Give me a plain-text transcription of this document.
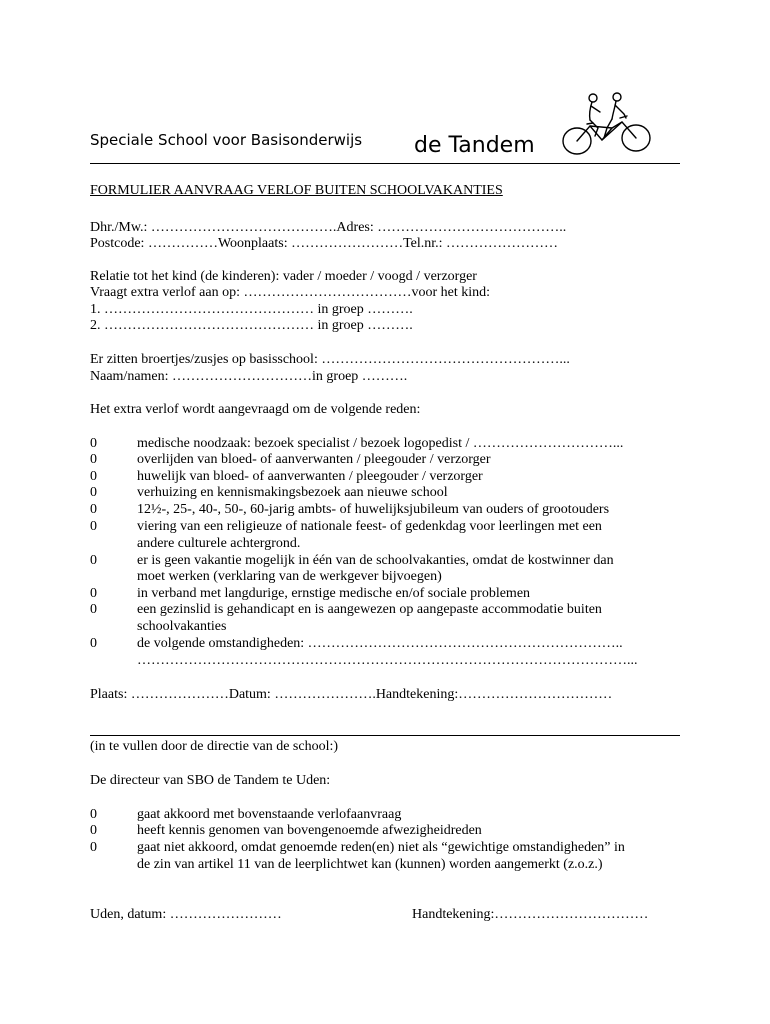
Speciale School voor Basisonderwijs de Tandem
FORMULIER AANVRAAG VERLOF BUITEN SCHOOLVAKANTIES
Dhr./Mw.: ………………………………….Adres: …………………………………..
Postcode: ……………Woonplaats: ……………………Tel.nr.: ……………………
Relatie tot het kind (de kinderen): vader / moeder / voogd / verzorger
Vraagt extra verlof aan op: ………………………………voor het kind:
1. ……………………………………… in groep ……….
2. ……………………………………… in groep ……….
Er zitten broertjes/zusjes op basisschool: ……………………………………………...
Naam/namen: …………………………in groep ……….
Het extra verlof wordt aangevraagd om de volgende reden:
0	medische noodzaak: bezoek specialist / bezoek logopedist / …………………………...
0	overlijden van bloed- of aanverwanten / pleegouder / verzorger
0	huwelijk van bloed- of aanverwanten / pleegouder / verzorger
0	verhuizing en kennismakingsbezoek aan nieuwe school
0	12½-, 25-, 40-, 50-, 60-jarig ambts- of huwelijksjubileum van ouders of grootouders
0	viering van een religieuze of nationale feest- of gedenkdag voor leerlingen met een
andere culturele achtergrond.
0	er is geen vakantie mogelijk in één van de schoolvakanties, omdat de kostwinner dan
moet werken (verklaring van de werkgever bijvoegen)
0	in verband met langdurige, ernstige medische en/of sociale problemen
0	een gezinslid is gehandicapt en is aangewezen op aangepaste accommodatie buiten
schoolvakanties
0	de volgende omstandigheden: …………………………………………………………..
……………………………………………………………………………………………...
Plaats: …………………Datum: ………………….Handtekening:……………………………
(in te vullen door de directie van de school:)
De directeur van SBO de Tandem te Uden:
0	gaat akkoord met bovenstaande verlofaanvraag
0	heeft kennis genomen van bovengenoemde afwezigheidreden
0	gaat niet akkoord, omdat genoemde reden(en) niet als “gewichtige omstandigheden” in
de zin van artikel 11 van de leerplichtwet kan (kunnen) worden aangemerkt (z.o.z.)
Uden, datum: ……………………	Handtekening:……………………………
